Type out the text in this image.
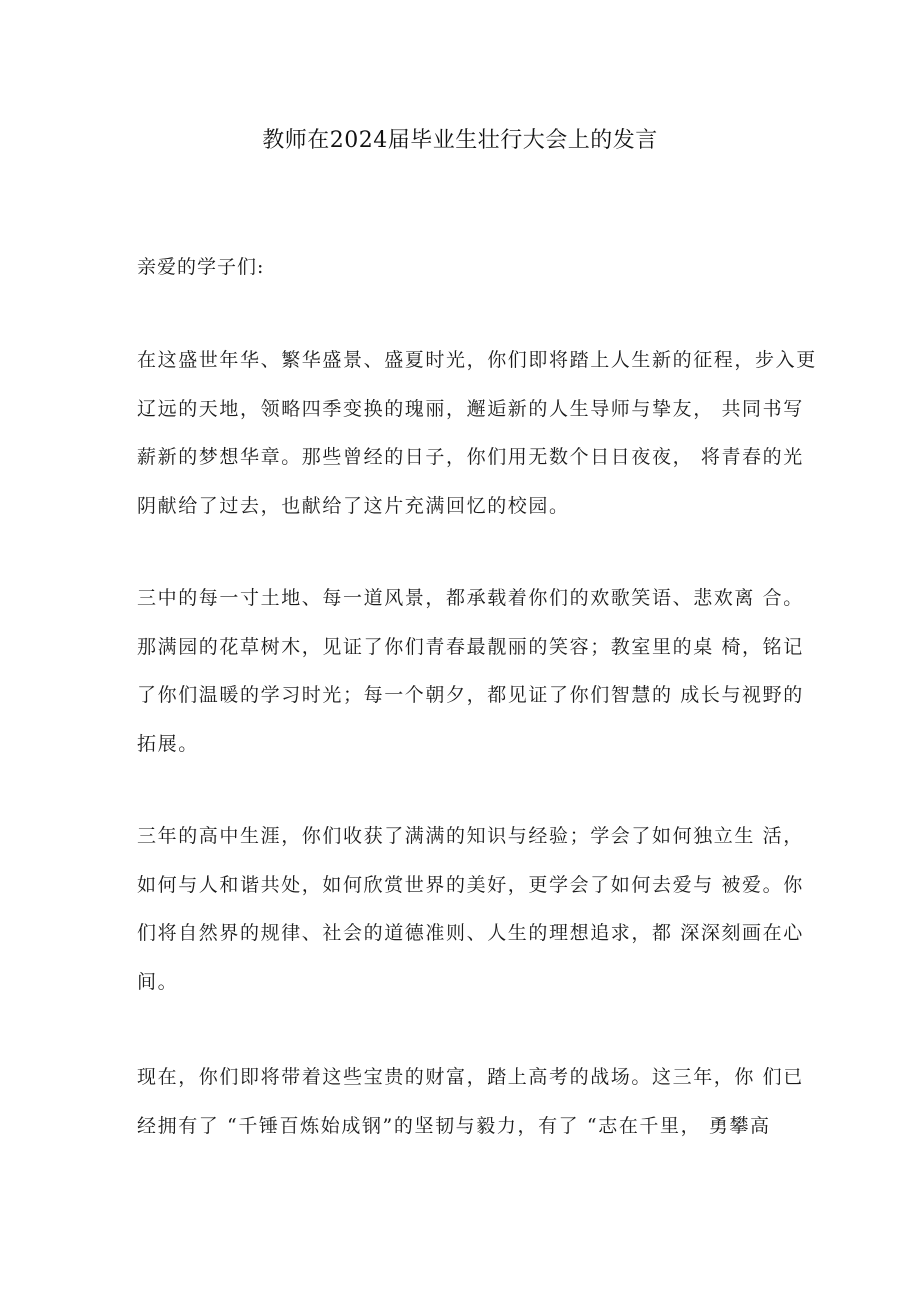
教师在2024届毕业生壮行大会上的发言
亲爱的学子们:
在这盛世年华、繁华盛景、盛夏时光，你们即将踏上人生新的征程，步入更
辽远的天地，领略四季变换的瑰丽，邂逅新的人生导师与挚友， 共同书写
薪新的梦想华章。那些曾经的日子，你们用无数个日日夜夜， 将青春的光
阴献给了过去，也献给了这片充满回忆的校园。
三中的每一寸土地、每一道风景，都承载着你们的欢歌笑语、悲欢离 合。
那满园的花草树木，见证了你们青春最靓丽的笑容；教室里的桌 椅，铭记
了你们温暖的学习时光；每一个朝夕，都见证了你们智慧的 成长与视野的
拓展。
三年的高中生涯，你们收获了满满的知识与经验；学会了如何独立生 活，
如何与人和谐共处，如何欣赏世界的美好，更学会了如何去爱与 被爱。你
们将自然界的规律、社会的道德准则、人生的理想追求，都 深深刻画在心
间。
现在，你们即将带着这些宝贵的财富，踏上高考的战场。这三年，你 们已
经拥有了 “千锤百炼始成钢”的坚韧与毅力，有了 “志在千里， 勇攀高
